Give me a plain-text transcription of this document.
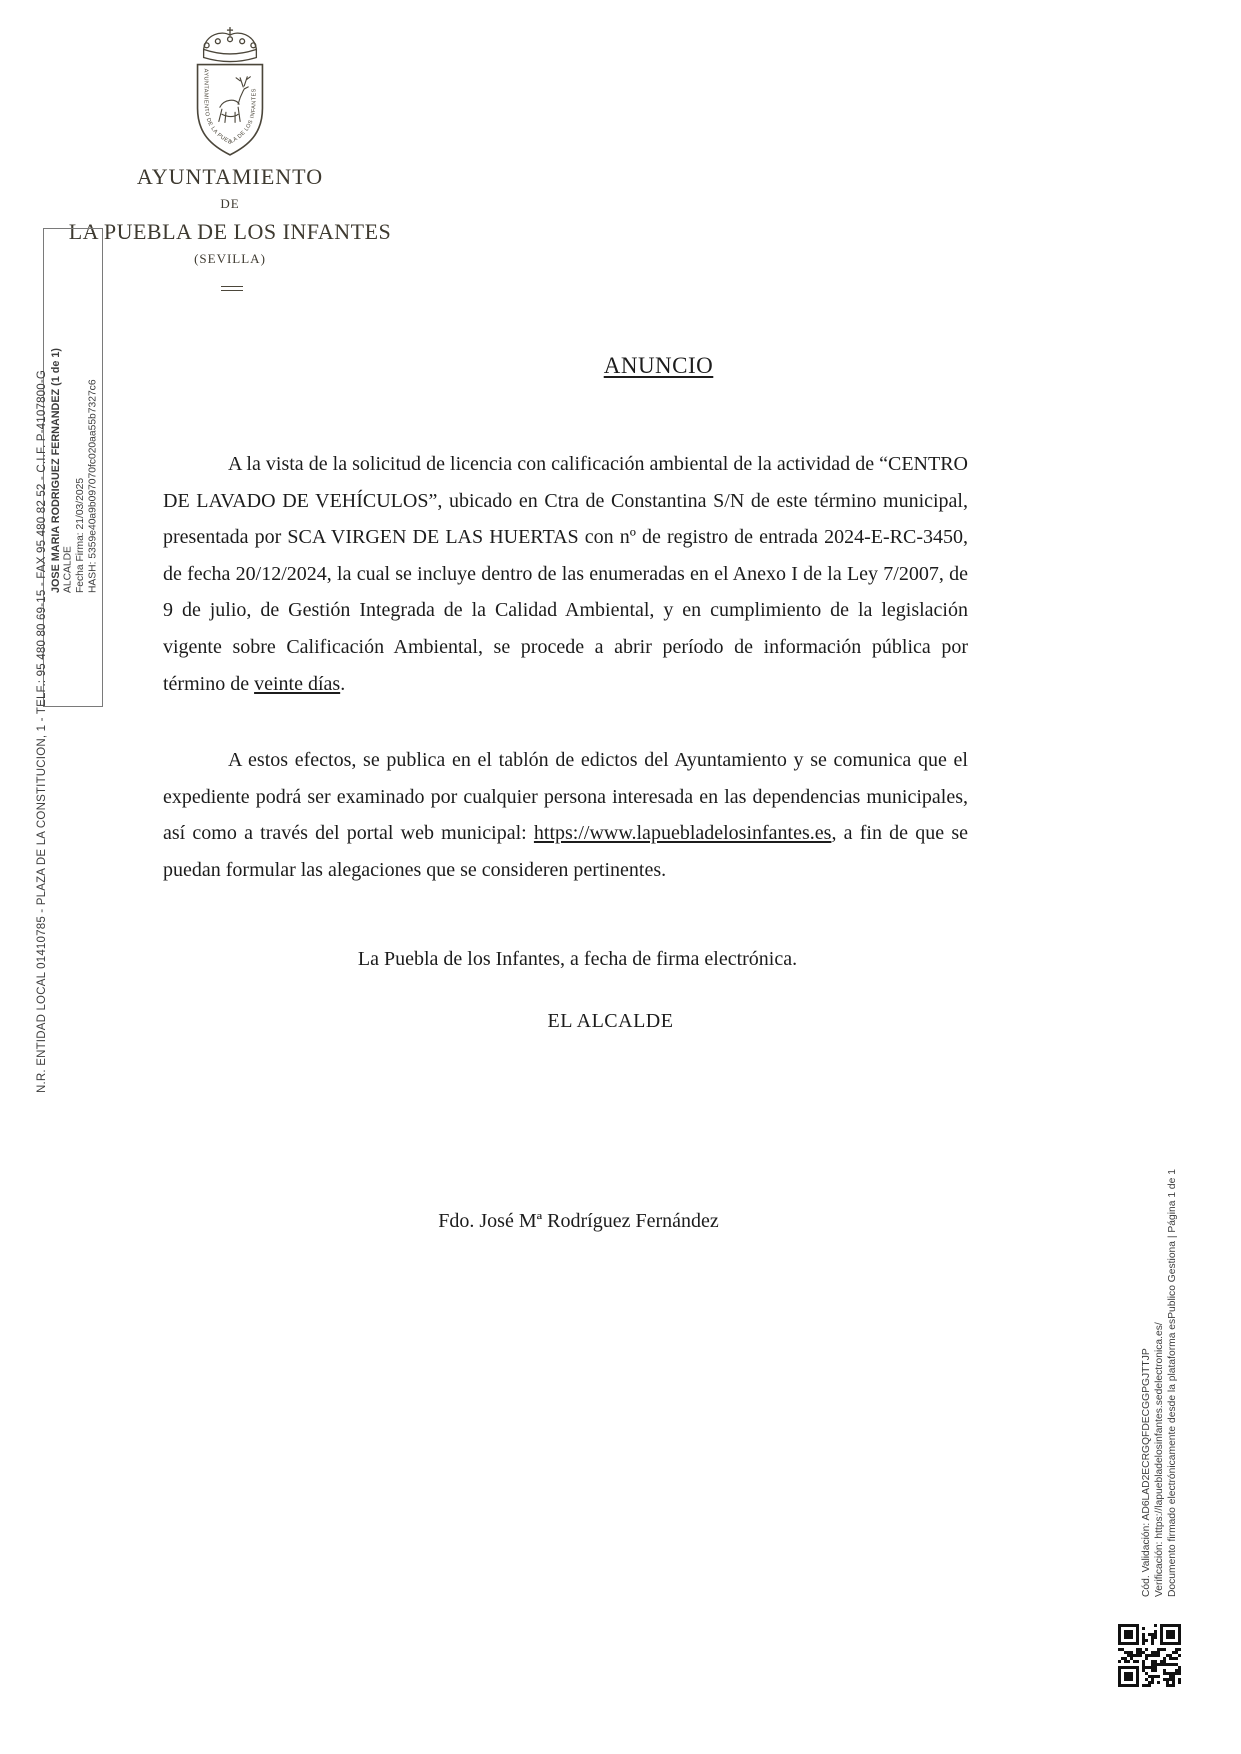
AYUNTAMIENTO DE LA PUEBLA DE LOS INFANTES
AYUNTAMIENTO
DE
LA PUEBLA DE LOS INFANTES
(SEVILLA)
JOSE MARIA RODRIGUEZ FERNANDEZ (1 de 1) ALCALDE Fecha Firma: 21/03/2025 HASH: 5359e40a9b097070fc020aa55b7327c6
N.R. ENTIDAD LOCAL 01410785 - PLAZA DE LA CONSTITUCION, 1 - TELF.: 95 480 80 69-15 - FAX 95 480 82 52 - C.I.F. P-4107800-G
Cód. Validación: AD6LAD2ECRGQFDECGGPGJTTJP Verificación: https://lapuebladelosinfantes.sedelectronica.es/ Documento firmado electrónicamente desde la plataforma esPublico Gestiona | Página 1 de 1
ANUNCIO
A la vista de la solicitud de licencia con calificación ambiental de la actividad de “CENTRO DE LAVADO DE VEHÍCULOS”, ubicado en Ctra de Constantina S/N de este término municipal, presentada por SCA VIRGEN DE LAS HUERTAS con nº de registro de entrada 2024-E-RC-3450, de fecha 20/12/2024, la cual se incluye dentro de las enumeradas en el Anexo I de la Ley 7/2007, de 9 de julio, de Gestión Integrada de la Calidad Ambiental, y en cumplimiento de la legislación vigente sobre Calificación Ambiental, se procede a abrir período de información pública por término de veinte días.
A estos efectos, se publica en el tablón de edictos del Ayuntamiento y se comunica que el expediente podrá ser examinado por cualquier persona interesada en las dependencias municipales, así como a través del portal web municipal: https://www.lapuebladelosinfantes.es, a fin de que se puedan formular las alegaciones que se consideren pertinentes.
La Puebla de los Infantes, a fecha de firma electrónica.
EL ALCALDE
Fdo. José Mª Rodríguez Fernández
